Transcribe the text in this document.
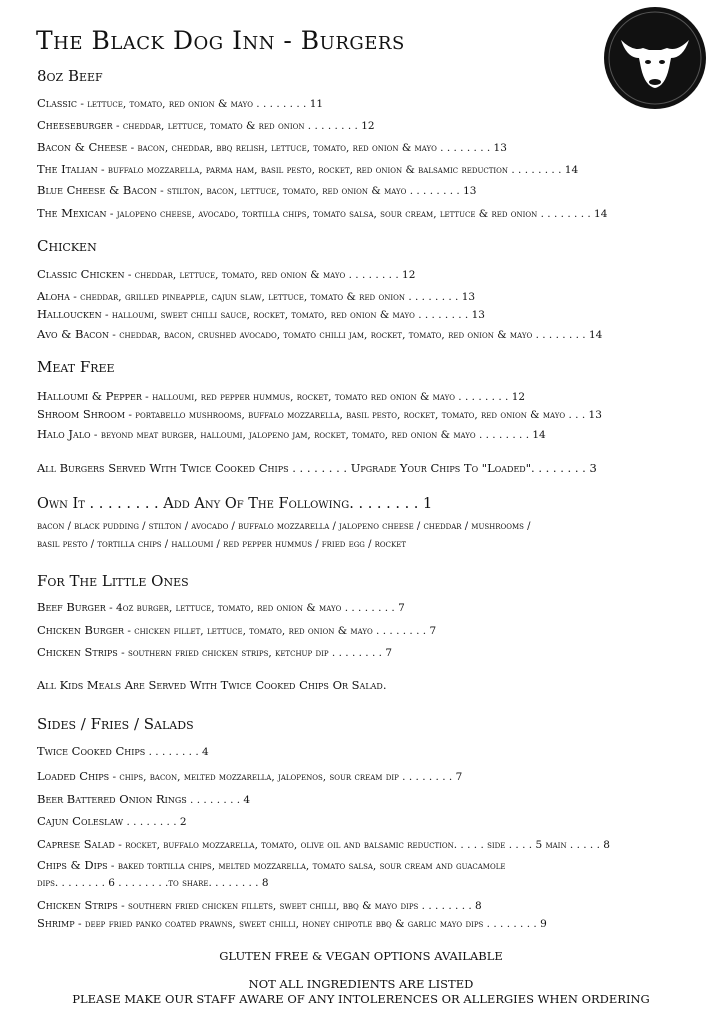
The Black Dog Inn - Burgers
8oz Beef
Classic - lettuce, tomato, red onion & mayo . . . . . . . . 11
Cheeseburger - cheddar, lettuce, tomato & red onion . . . . . . . . 12
Bacon & Cheese - bacon, cheddar, bbq relish, lettuce, tomato, red onion & mayo . . . . . . . . 13
The Italian - buffalo mozzarella, parma ham, basil pesto, rocket, red onion & balsamic reduction . . . . . . . . 14
Blue Cheese & Bacon - stilton, bacon, lettuce, tomato, red onion & mayo . . . . . . . . 13
The Mexican - jalopeno cheese, avocado, tortilla chips, tomato salsa, sour cream, lettuce & red onion . . . . . . . . 14
Chicken
Classic Chicken - cheddar, lettuce, tomato, red onion & mayo . . . . . . . . 12
Aloha - cheddar, grilled pineapple, cajun slaw, lettuce, tomato & red onion . . . . . . . . 13
Halloucken - halloumi, sweet chilli sauce, rocket, tomato, red onion & mayo . . . . . . . . 13
Avo & Bacon - cheddar, bacon, crushed avocado, tomato chilli jam, rocket, tomato, red onion & mayo . . . . . . . . 14
Meat Free
Halloumi & Pepper - halloumi, red pepper hummus, rocket, tomato red onion & mayo . . . . . . . . 12
Shroom Shroom - portabello mushrooms, buffalo mozzarella, basil pesto, rocket, tomato, red onion & mayo . . . 13
Halo Jalo - beyond meat burger, halloumi, jalopeno jam, rocket, tomato, red onion & mayo . . . . . . . . 14
All Burgers Served With Twice Cooked Chips . . . . . . . . Upgrade Your Chips To "Loaded". . . . . . . . 3
Own It . . . . . . . . Add Any Of The Following. . . . . . . . 1
bacon / black pudding / stilton / avocado / buffalo mozzarella / jalopeno cheese / cheddar / mushrooms /
basil pesto / tortilla chips / halloumi / red pepper hummus / fried egg / rocket
For The Little Ones
Beef Burger - 4oz burger, lettuce, tomato, red onion & mayo . . . . . . . . 7
Chicken Burger - chicken fillet, lettuce, tomato, red onion & mayo . . . . . . . . 7
Chicken Strips - southern fried chicken strips, ketchup dip . . . . . . . . 7
All Kids Meals Are Served With Twice Cooked Chips Or Salad.
Sides / Fries / Salads
Twice Cooked Chips . . . . . . . . 4
Loaded Chips - chips, bacon, melted mozzarella, jalopenos, sour cream dip . . . . . . . . 7
Beer Battered Onion Rings . . . . . . . . 4
Cajun Coleslaw . . . . . . . . 2
Caprese Salad - rocket, buffalo mozzarella, tomato, olive oil and balsamic reduction. . . . . side . . . . 5 main . . . . . 8
Chips & Dips - baked tortilla chips, melted mozzarella, tomato salsa, sour cream and guacamole
dips. . . . . . . . 6 . . . . . . . .to share. . . . . . . . 8
Chicken Strips - southern fried chicken fillets, sweet chilli, bbq & mayo dips . . . . . . . . 8
Shrimp - deep fried panko coated prawns, sweet chilli, honey chipotle bbq & garlic mayo dips . . . . . . . . 9
GLUTEN FREE & VEGAN OPTIONS AVAILABLE
NOT ALL INGREDIENTS ARE LISTED
PLEASE MAKE OUR STAFF AWARE OF ANY INTOLERENCES OR ALLERGIES WHEN ORDERING
